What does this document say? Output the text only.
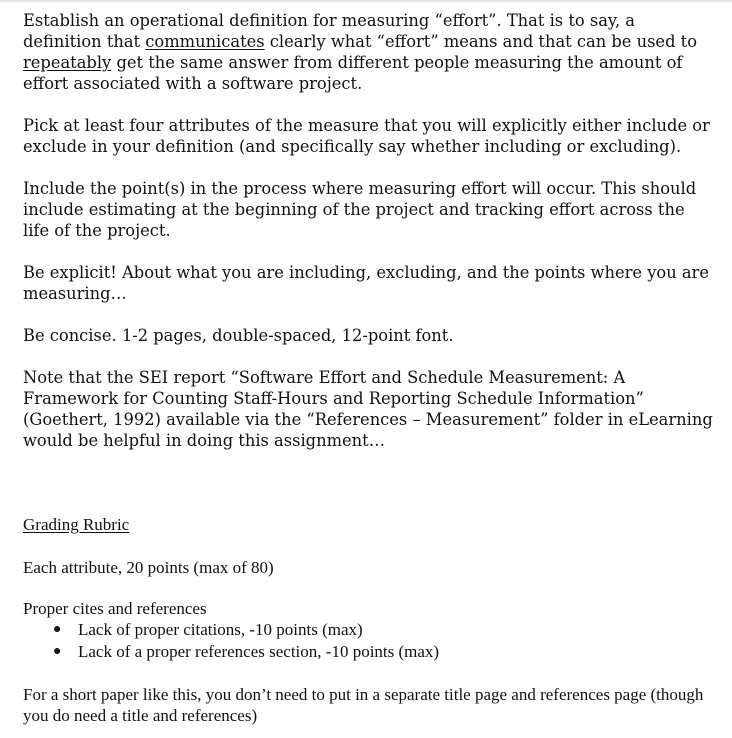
Establish an operational definition for measuring “effort”. That is to say, a definition that communicates clearly what “effort” means and that can be used to repeatably get the same answer from different people measuring the amount of effort associated with a software project.

Pick at least four attributes of the measure that you will explicitly either include or exclude in your definition (and specifically say whether including or excluding).

Include the point(s) in the process where measuring effort will occur. This should include estimating at the beginning of the project and tracking effort across the life of the project.

Be explicit! About what you are including, excluding, and the points where you are measuring…

Be concise. 1-2 pages, double-spaced, 12-point font.

Note that the SEI report “Software Effort and Schedule Measurement: A Framework for Counting Staff-Hours and Reporting Schedule Information” (Goethert, 1992) available via the “References – Measurement” folder in eLearning would be helpful in doing this assignment…

Grading Rubric

Each attribute, 20 points (max of 80)

Proper cites and references

● Lack of proper citations, -10 points (max)
● Lack of a proper references section, -10 points (max)

For a short paper like this, you don’t need to put in a separate title page and references page (though you do need a title and references)
